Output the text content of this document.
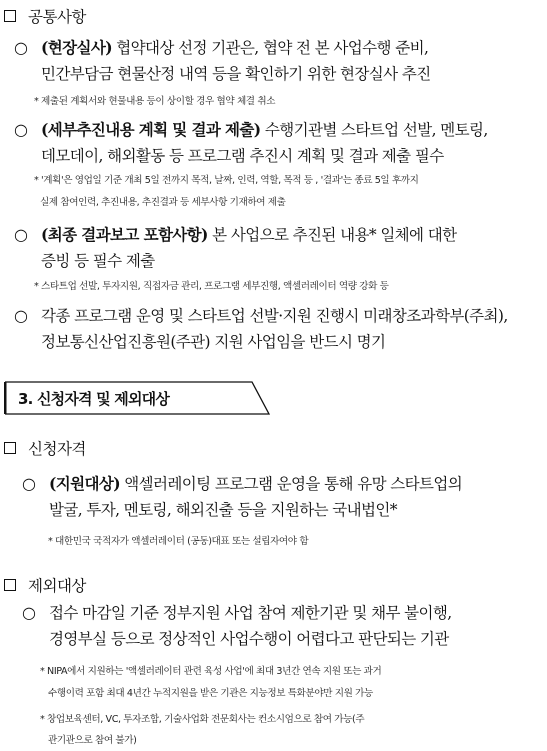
공통사항
○ (현장실사) 협약대상 선정 기관은, 협약 전 본 사업수행 준비,
민간부담금 현물산정 내역 등을 확인하기 위한 현장실사 추진
* 제출된 계획서와 현물내용 등이 상이할 경우 협약 체결 취소
○ (세부추진내용 계획 및 결과 제출) 수행기관별 스타트업 선발, 멘토링,
데모데이, 해외활동 등 프로그램 추진시 계획 및 결과 제출 필수
* '계획'은 영업일 기준 개최 5일 전까지 목적, 날짜, 인력, 역할, 목적 등 , '결과'는 종료 5일 후까지
실제 참여인력, 추진내용, 추진결과 등 세부사항 기재하여 제출
○ (최종 결과보고 포함사항) 본 사업으로 추진된 내용* 일체에 대한
증빙 등 필수 제출
* 스타트업 선발, 투자지원, 직접자금 관리, 프로그램 세부진행, 액셀러레이터 역량 강화 등
○ 각종 프로그램 운영 및 스타트업 선발·지원 진행시 미래창조과학부(주최),
정보통신산업진흥원(주관) 지원 사업임을 반드시 명기
3. 신청자격 및 제외대상
신청자격
○ (지원대상) 액셀러레이팅 프로그램 운영을 통해 유망 스타트업의
발굴, 투자, 멘토링, 해외진출 등을 지원하는 국내법인*
* 대한민국 국적자가 액셀러레이터 (공동)대표 또는 설립자여야 함
제외대상
○ 접수 마감일 기준 정부지원 사업 참여 제한기관 및 채무 불이행,
경영부실 등으로 정상적인 사업수행이 어렵다고 판단되는 기관
* NIPA에서 지원하는 '액셀러레이터 관련 육성 사업'에 최대 3년간 연속 지원 또는 과거
수행이력 포함 최대 4년간 누적지원을 받은 기관은 지능정보 특화분야만 지원 가능
* 창업보육센터, VC, 투자조합, 기술사업화 전문회사는 컨소시엄으로 참여 가능(주
관기관으로 참여 불가)
